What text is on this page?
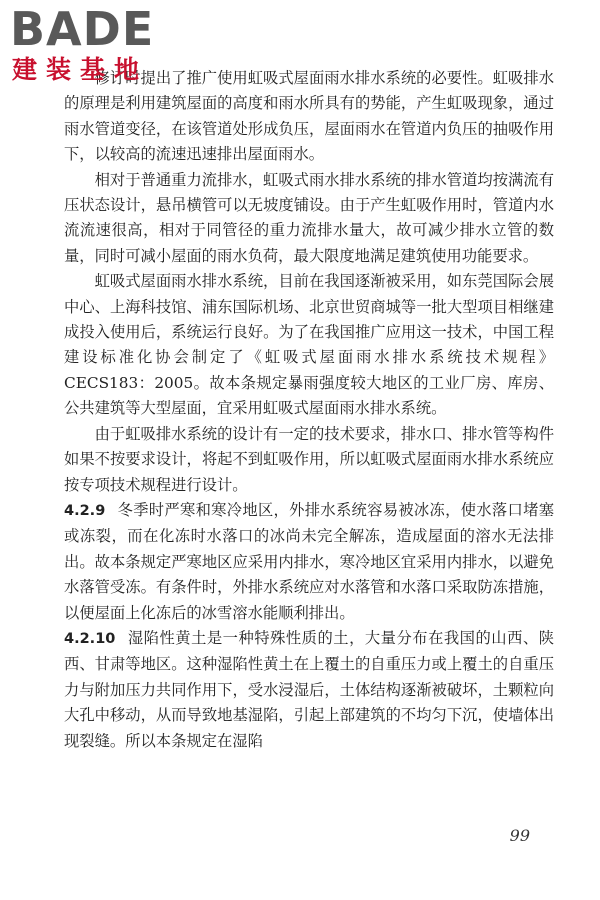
BADE
建装基地

修订时提出了推广使用虹吸式屋面雨水排水系统的必要性。虹吸排水的原理是利用建筑屋面的高度和雨水所具有的势能，产生虹吸现象，通过雨水管道变径，在该管道处形成负压，屋面雨水在管道内负压的抽吸作用下，以较高的流速迅速排出屋面雨水。

相对于普通重力流排水，虹吸式雨水排水系统的排水管道均按满流有压状态设计，悬吊横管可以无坡度铺设。由于产生虹吸作用时，管道内水流流速很高，相对于同管径的重力流排水量大，故可减少排水立管的数量，同时可减小屋面的雨水负荷，最大限度地满足建筑使用功能要求。

虹吸式屋面雨水排水系统，目前在我国逐渐被采用，如东莞国际会展中心、上海科技馆、浦东国际机场、北京世贸商城等一批大型项目相继建成投入使用后，系统运行良好。为了在我国推广应用这一技术，中国工程建设标准化协会制定了《虹吸式屋面雨水排水系统技术规程》CECS183：2005。故本条规定暴雨强度较大地区的工业厂房、库房、公共建筑等大型屋面，宜采用虹吸式屋面雨水排水系统。

由于虹吸排水系统的设计有一定的技术要求，排水口、排水管等构件如果不按要求设计，将起不到虹吸作用，所以虹吸式屋面雨水排水系统应按专项技术规程进行设计。

4.2.9 冬季时严寒和寒冷地区，外排水系统容易被冰冻，使水落口堵塞或冻裂，而在化冻时水落口的冰尚未完全解冻，造成屋面的溶水无法排出。故本条规定严寒地区应采用内排水，寒冷地区宜采用内排水，以避免水落管受冻。有条件时，外排水系统应对水落管和水落口采取防冻措施，以便屋面上化冻后的冰雪溶水能顺利排出。

4.2.10 湿陷性黄土是一种特殊性质的土，大量分布在我国的山西、陕西、甘肃等地区。这种湿陷性黄土在上覆土的自重压力或上覆土的自重压力与附加压力共同作用下，受水浸湿后，土体结构逐渐被破坏，土颗粒向大孔中移动，从而导致地基湿陷，引起上部建筑的不均匀下沉，使墙体出现裂缝。所以本条规定在湿陷

99
